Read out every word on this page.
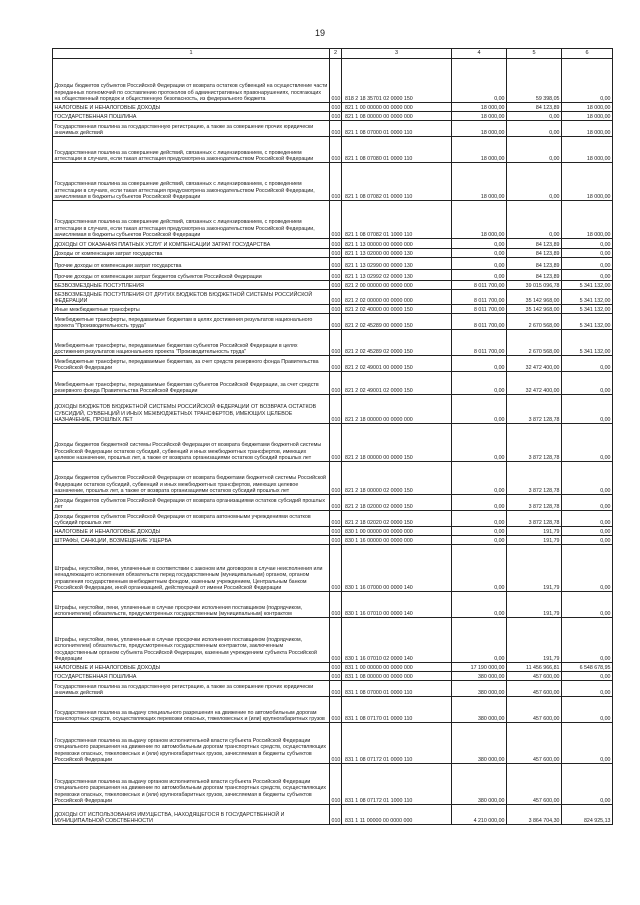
19
1	2	3	4	5	6
Доходы бюджетов субъектов Российской Федерации от возврата остатков субвенций на осуществление части переданных полномочий по составлению протоколов об административных правонарушениях, посягающих на общественный порядок и общественную безопасность, из федерального бюджета	010	818 2 18 35701 02 0000 150	0,00	59 398,05	0,00
НАЛОГОВЫЕ И НЕНАЛОГОВЫЕ ДОХОДЫ	010	821 1 00 00000 00 0000 000	18 000,00	84 123,89	18 000,00
ГОСУДАРСТВЕННАЯ ПОШЛИНА	010	821 1 08 00000 00 0000 000	18 000,00	0,00	18 000,00
Государственная пошлина за государственную регистрацию, а также за совершение прочих юридически значимых действий	010	821 1 08 07000 01 0000 110	18 000,00	0,00	18 000,00
Государственная пошлина за совершение действий, связанных с лицензированием, с проведением аттестации в случаях, если такая аттестация предусмотрена законодательством Российской Федерации	010	821 1 08 07080 01 0000 110	18 000,00	0,00	18 000,00
Государственная пошлина за совершение действий, связанных с лицензированием, с проведением аттестации в случаях, если такая аттестация предусмотрена законодательством Российской Федерации, зачисляемая в бюджеты субъектов Российской Федерации	010	821 1 08 07082 01 0000 110	18 000,00	0,00	18 000,00
Государственная пошлина за совершение действий, связанных с лицензированием, с проведением аттестации в случаях, если такая аттестация предусмотрена законодательством Российской Федерации, зачисляемая в бюджеты субъектов Российской Федерации	010	821 1 08 07082 01 1000 110	18 000,00	0,00	18 000,00
ДОХОДЫ ОТ ОКАЗАНИЯ ПЛАТНЫХ УСЛУГ И КОМПЕНСАЦИИ ЗАТРАТ ГОСУДАРСТВА	010	821 1 13 00000 00 0000 000	0,00	84 123,89	0,00
Доходы от компенсации затрат государства	010	821 1 13 02000 00 0000 130	0,00	84 123,89	0,00
Прочие доходы от компенсации затрат государства	010	821 1 13 02990 00 0000 130	0,00	84 123,89	0,00
Прочие доходы от компенсации затрат бюджетов субъектов Российской Федерации	010	821 1 13 02992 02 0000 130	0,00	84 123,89	0,00
БЕЗВОЗМЕЗДНЫЕ ПОСТУПЛЕНИЯ	010	821 2 00 00000 00 0000 000	8 011 700,00	39 015 096,78	5 341 132,00
БЕЗВОЗМЕЗДНЫЕ ПОСТУПЛЕНИЯ ОТ ДРУГИХ БЮДЖЕТОВ БЮДЖЕТНОЙ СИСТЕМЫ РОССИЙСКОЙ ФЕДЕРАЦИИ	010	821 2 02 00000 00 0000 000	8 011 700,00	35 142 968,00	5 341 132,00
Иные межбюджетные трансферты	010	821 2 02 40000 00 0000 150	8 011 700,00	35 142 968,00	5 341 132,00
Межбюджетные трансферты, передаваемые бюджетам в целях достижения результатов национального проекта "Производительность труда"	010	821 2 02 45289 00 0000 150	8 011 700,00	2 670 568,00	5 341 132,00
Межбюджетные трансферты, передаваемые бюджетам субъектов Российской Федерации в целях достижения результатов национального проекта "Производительность труда"	010	821 2 02 45289 02 0000 150	8 011 700,00	2 670 568,00	5 341 132,00
Межбюджетные трансферты, передаваемые бюджетам, за счет средств резервного фонда Правительства Российской Федерации	010	821 2 02 49001 00 0000 150	0,00	32 472 400,00	0,00
Межбюджетные трансферты, передаваемые бюджетам субъектов Российской Федерации, за счет средств резервного фонда Правительства Российской Федерации	010	821 2 02 49001 02 0000 150	0,00	32 472 400,00	0,00
ДОХОДЫ БЮДЖЕТОВ БЮДЖЕТНОЙ СИСТЕМЫ РОССИЙСКОЙ ФЕДЕРАЦИИ ОТ ВОЗВРАТА ОСТАТКОВ СУБСИДИЙ, СУБВЕНЦИЙ И ИНЫХ МЕЖБЮДЖЕТНЫХ ТРАНСФЕРТОВ, ИМЕЮЩИХ ЦЕЛЕВОЕ НАЗНАЧЕНИЕ, ПРОШЛЫХ ЛЕТ	010	821 2 18 00000 00 0000 000	0,00	3 872 128,78	0,00
Доходы бюджетов бюджетной системы Российской Федерации от возврата бюджетами бюджетной системы Российской Федерации остатков субсидий, субвенций и иных межбюджетных трансфертов, имеющих целевое назначение, прошлых лет, а также от возврата организациями остатков субсидий прошлых лет	010	821 2 18 00000 00 0000 150	0,00	3 872 128,78	0,00
Доходы бюджетов субъектов Российской Федерации от возврата бюджетами бюджетной системы Российской Федерации остатков субсидий, субвенций и иных межбюджетных трансфертов, имеющих целевое назначение, прошлых лет, а также от возврата организациями остатков субсидий прошлых лет	010	821 2 18 00000 02 0000 150	0,00	3 872 128,78	0,00
Доходы бюджетов субъектов Российской Федерации от возврата организациями остатков субсидий прошлых лет	010	821 2 18 02000 02 0000 150	0,00	3 872 128,78	0,00
Доходы бюджетов субъектов Российской Федерации от возврата автономными учреждениями остатков субсидий прошлых лет	010	821 2 18 02020 02 0000 150	0,00	3 872 128,78	0,00
НАЛОГОВЫЕ И НЕНАЛОГОВЫЕ ДОХОДЫ	010	830 1 00 00000 00 0000 000	0,00	191,79	0,00
ШТРАФЫ, САНКЦИИ, ВОЗМЕЩЕНИЕ УЩЕРБА	010	830 1 16 00000 00 0000 000	0,00	191,79	0,00
Штрафы, неустойки, пени, уплаченные в соответствии с законом или договором в случае неисполнения или ненадлежащего исполнения обязательств перед государственным (муниципальным) органом, органом управления государственным внебюджетным фондом, казенным учреждением, Центральным банком Российской Федерации, иной организацией, действующей от имени Российской Федерации	010	830 1 16 07000 00 0000 140	0,00	191,79	0,00
Штрафы, неустойки, пени, уплаченные в случае просрочки исполнения поставщиком (подрядчиком, исполнителем) обязательств, предусмотренных государственным (муниципальным) контрактом	010	830 1 16 07010 00 0000 140	0,00	191,79	0,00
Штрафы, неустойки, пени, уплаченные в случае просрочки исполнения поставщиком (подрядчиком, исполнителем) обязательств, предусмотренных государственным контрактом, заключенным государственным органом субъекта Российской Федерации, казенным учреждением субъекта Российской Федерации	010	830 1 16 07010 02 0000 140	0,00	191,79	0,00
НАЛОГОВЫЕ И НЕНАЛОГОВЫЕ ДОХОДЫ	010	831 1 00 00000 00 0000 000	17 190 000,00	11 456 966,81	6 548 678,95
ГОСУДАРСТВЕННАЯ ПОШЛИНА	010	831 1 08 00000 00 0000 000	380 000,00	457 600,00	0,00
Государственная пошлина за государственную регистрацию, а также за совершение прочих юридически значимых действий	010	831 1 08 07000 01 0000 110	380 000,00	457 600,00	0,00
Государственная пошлина за выдачу специального разрешения на движение по автомобильным дорогам транспортных средств, осуществляющих перевозки опасных, тяжеловесных и (или) крупногабаритных грузов	010	831 1 08 07170 01 0000 110	380 000,00	457 600,00	0,00
Государственная пошлина за выдачу органом исполнительной власти субъекта Российской Федерации специального разрешения на движение по автомобильным дорогам транспортных средств, осуществляющих перевозки опасных, тяжеловесных и (или) крупногабаритных грузов, зачисляемая в бюджеты субъектов Российской Федерации	010	831 1 08 07172 01 0000 110	380 000,00	457 600,00	0,00
Государственная пошлина за выдачу органом исполнительной власти субъекта Российской Федерации специального разрешения на движение по автомобильным дорогам транспортных средств, осуществляющих перевозки опасных, тяжеловесных и (или) крупногабаритных грузов, зачисляемая в бюджеты субъектов Российской Федерации	010	831 1 08 07172 01 1000 110	380 000,00	457 600,00	0,00
ДОХОДЫ ОТ ИСПОЛЬЗОВАНИЯ ИМУЩЕСТВА, НАХОДЯЩЕГОСЯ В ГОСУДАРСТВЕННОЙ И МУНИЦИПАЛЬНОЙ СОБСТВЕННОСТИ	010	831 1 11 00000 00 0000 000	4 210 000,00	3 864 704,30	824 925,13
